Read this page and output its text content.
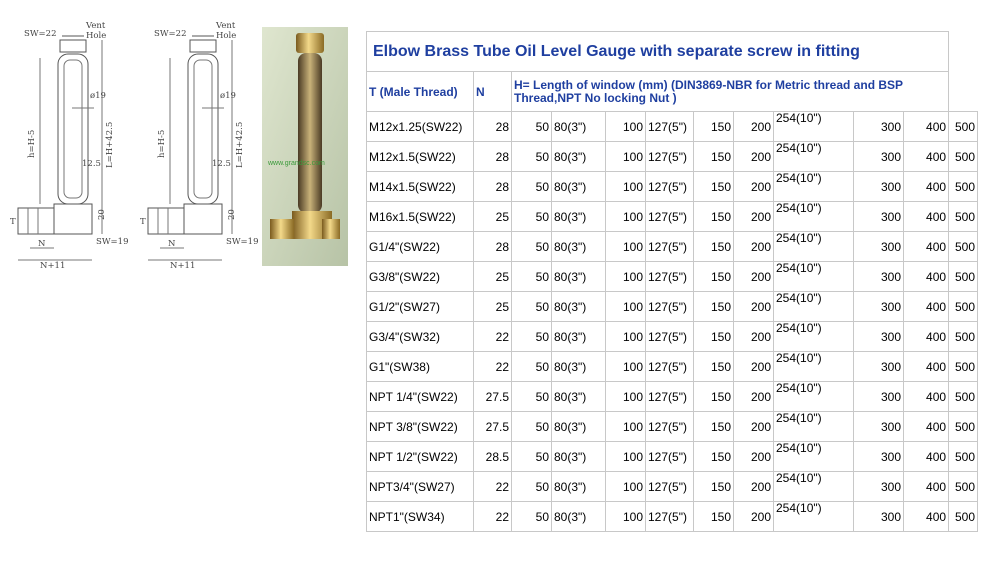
SW=22
Vent
Hole
ø19
h=H-5	L=H+42.5
12.5
20
T
N
N+11
SW=19
SW=22
Vent
Hole
ø19
h=H-5	L=H+42.5
12.5
20
T
N
N+11
SW=19
www.grandsc.com
Elbow Brass Tube Oil Level Gauge with separate screw in fitting											
T (Male Thread)	N	H= Length of window (mm) (DIN3869-NBR for Metric thread and BSP Thread,NPT No locking Nut )									
M12x1.25(SW22)	28	50	80(3")	100	127(5")	150	200	254(10")	300	400	500
M12x1.5(SW22)	28	50	80(3")	100	127(5")	150	200	254(10")	300	400	500
M14x1.5(SW22)	28	50	80(3")	100	127(5")	150	200	254(10")	300	400	500
M16x1.5(SW22)	25	50	80(3")	100	127(5")	150	200	254(10")	300	400	500
G1/4"(SW22)	28	50	80(3")	100	127(5")	150	200	254(10")	300	400	500
G3/8"(SW22)	25	50	80(3")	100	127(5")	150	200	254(10")	300	400	500
G1/2"(SW27)	25	50	80(3")	100	127(5")	150	200	254(10")	300	400	500
G3/4"(SW32)	22	50	80(3")	100	127(5")	150	200	254(10")	300	400	500
G1"(SW38)	22	50	80(3")	100	127(5")	150	200	254(10")	300	400	500
NPT 1/4"(SW22)	27.5	50	80(3")	100	127(5")	150	200	254(10")	300	400	500
NPT 3/8"(SW22)	27.5	50	80(3")	100	127(5")	150	200	254(10")	300	400	500
NPT 1/2"(SW22)	28.5	50	80(3")	100	127(5")	150	200	254(10")	300	400	500
NPT3/4"(SW27)	22	50	80(3")	100	127(5")	150	200	254(10")	300	400	500
NPT1"(SW34)	22	50	80(3")	100	127(5")	150	200	254(10")	300	400	500
